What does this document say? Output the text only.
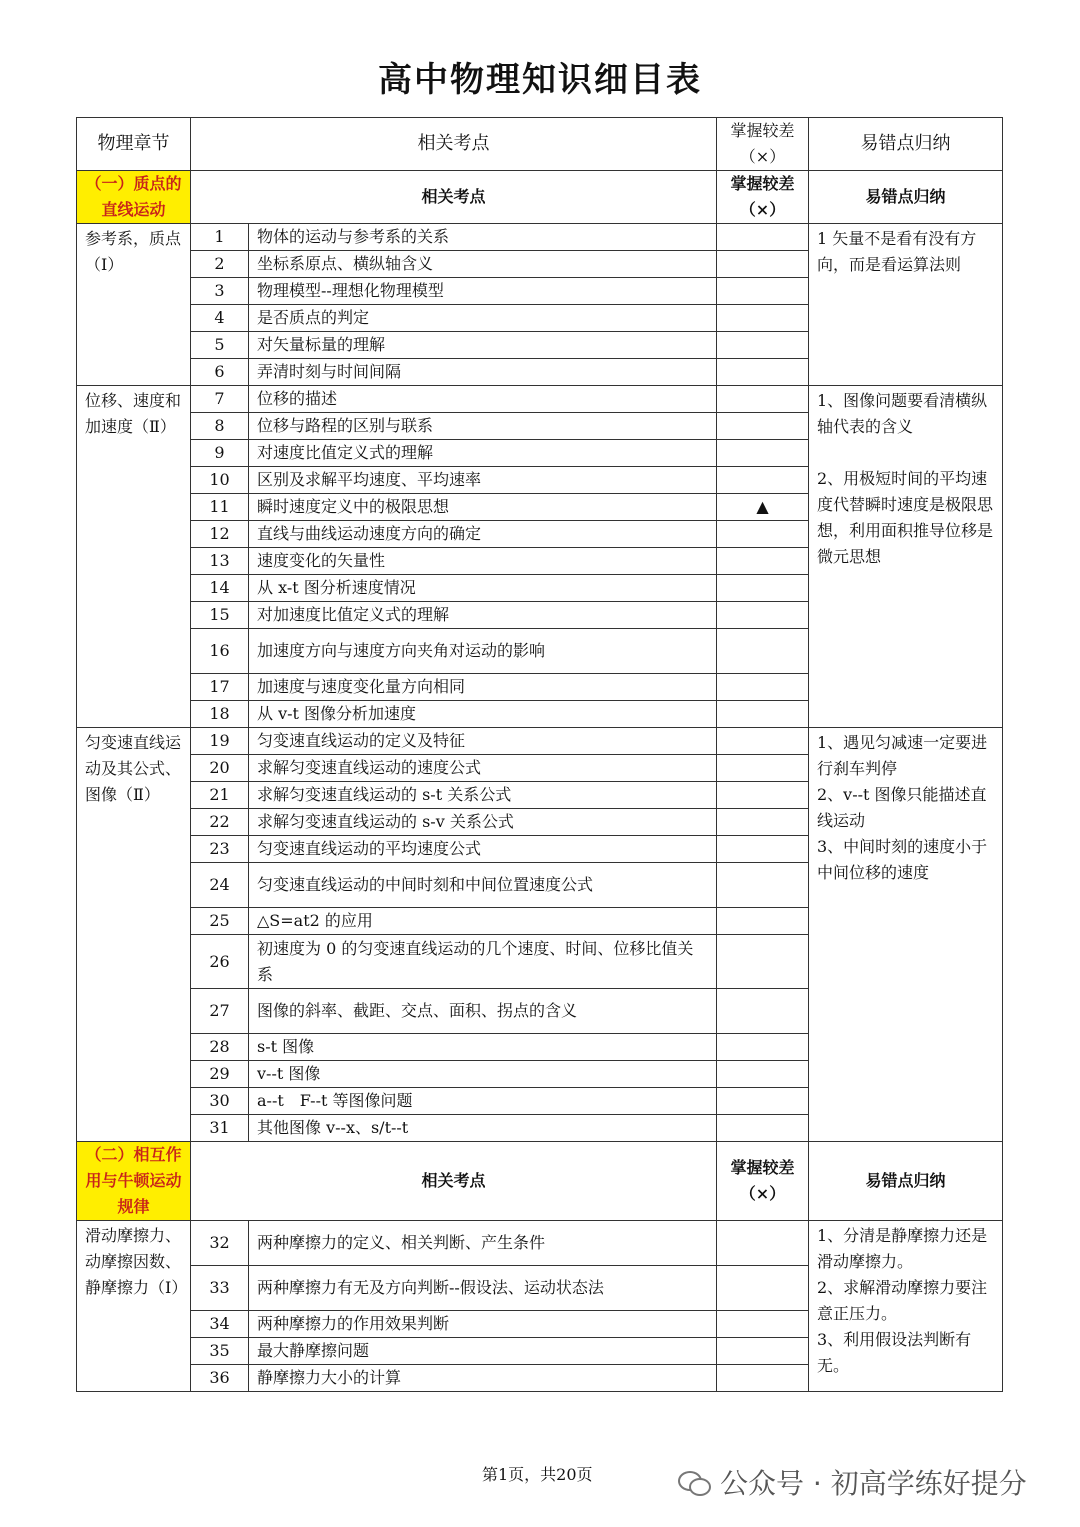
高中物理知识细目表
物理章节	相关考点		掌握较差（×）	易错点归纳
（一）质点的直线运动	相关考点		掌握较差（×）	易错点归纳
参考系，质点（Ⅰ）	1	物体的运动与参考系的关系		1 矢量不是看有没有方向，而是看运算法则

	2	坐标系原点、横纵轴含义		
	3	物理模型--理想化物理模型		
	4	是否质点的判定		
	5	对矢量标量的理解		
	6	弄清时刻与时间间隔		
位移、速度和加速度（Ⅱ）	7	位移的描述		1、图像问题要看清横纵轴代表的含义
2、用极短时间的平均速度代替瞬时速度是极限思想，利用面积推导位移是微元思想

	8	位移与路程的区别与联系		
	9	对速度比值定义式的理解		
	10	区别及求解平均速度、平均速率		
	11	瞬时速度定义中的极限思想	▲	
	12	直线与曲线运动速度方向的确定		
	13	速度变化的矢量性		
	14	从 x-t 图分析速度情况		
	15	对加速度比值定义式的理解		
	16	加速度方向与速度方向夹角对运动的影响		
	17	加速度与速度变化量方向相同		
	18	从 v-t 图像分析加速度		
匀变速直线运动及其公式、图像（Ⅱ）	19	匀变速直线运动的定义及特征		1、遇见匀减速一定要进行刹车判停
2、v--t 图像只能描述直线运动
3、中间时刻的速度小于中间位移的速度

	20	求解匀变速直线运动的速度公式		
	21	求解匀变速直线运动的 s-t 关系公式		
	22	求解匀变速直线运动的 s-v 关系公式		
	23	匀变速直线运动的平均速度公式		
	24	匀变速直线运动的中间时刻和中间位置速度公式		
	25	△S=at2 的应用		
	26	初速度为 0 的匀变速直线运动的几个速度、时间、位移比值关系		
	27	图像的斜率、截距、交点、面积、拐点的含义		
	28	s-t 图像		
	29	v--t 图像		
	30	a--t　F--t 等图像问题		
	31	其他图像 v--x、s/t--t		
（二）相互作用与牛顿运动规律	相关考点		掌握较差（×）	易错点归纳
滑动摩擦力、动摩擦因数、静摩擦力（Ⅰ）	32	两种摩擦力的定义、相关判断、产生条件		1、分清是静摩擦力还是滑动摩擦力。
2、求解滑动摩擦力要注意正压力。
3、利用假设法判断有无。

	33	两种摩擦力有无及方向判断--假设法、运动状态法		
	34	两种摩擦力的作用效果判断		
	35	最大静摩擦问题		
	36	静摩擦力大小的计算		
第1页，共20页	公众号 · 初高学练好提分
